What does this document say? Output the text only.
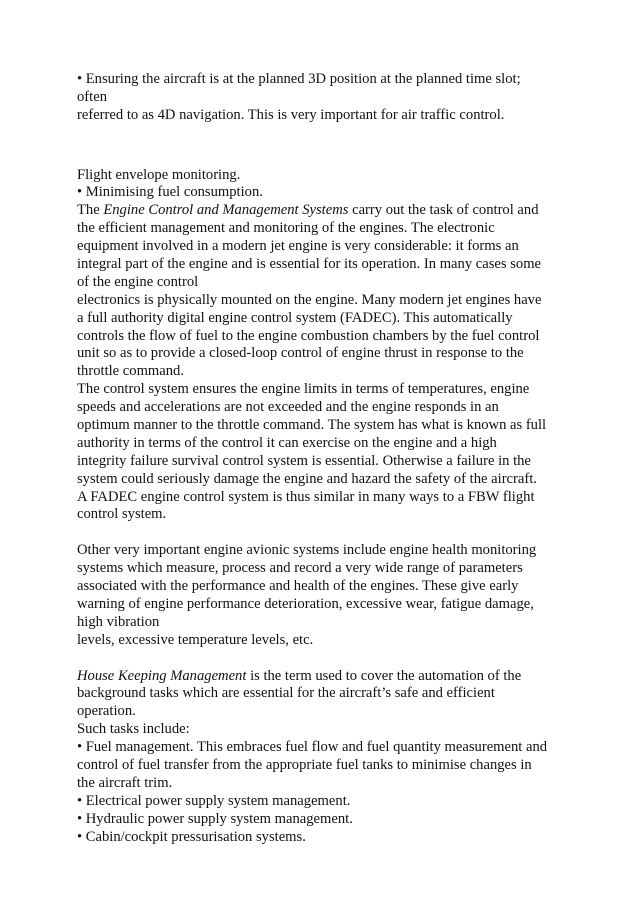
• Ensuring the aircraft is at the planned 3D position at the planned time slot;
often
referred to as 4D navigation. This is very important for air traffic control.
Flight envelope monitoring.
• Minimising fuel consumption.
The Engine Control and Management Systems carry out the task of control and
the efficient management and monitoring of the engines. The electronic
equipment involved in a modern jet engine is very considerable: it forms an
integral part of the engine and is essential for its operation. In many cases some
of the engine control
electronics is physically mounted on the engine. Many modern jet engines have
a full authority digital engine control system (FADEC). This automatically
controls the flow of fuel to the engine combustion chambers by the fuel control
unit so as to provide a closed-loop control of engine thrust in response to the
throttle command.
The control system ensures the engine limits in terms of temperatures, engine
speeds and accelerations are not exceeded and the engine responds in an
optimum manner to the throttle command. The system has what is known as full
authority in terms of the control it can exercise on the engine and a high
integrity failure survival control system is essential. Otherwise a failure in the
system could seriously damage the engine and hazard the safety of the aircraft.
A FADEC engine control system is thus similar in many ways to a FBW flight
control system.
Other very important engine avionic systems include engine health monitoring
systems which measure, process and record a very wide range of parameters
associated with the performance and health of the engines. These give early
warning of engine performance deterioration, excessive wear, fatigue damage,
high vibration
levels, excessive temperature levels, etc.
House Keeping Management is the term used to cover the automation of the
background tasks which are essential for the aircraft’s safe and efficient
operation.
Such tasks include:
• Fuel management. This embraces fuel flow and fuel quantity measurement and
control of fuel transfer from the appropriate fuel tanks to minimise changes in
the aircraft trim.
• Electrical power supply system management.
• Hydraulic power supply system management.
• Cabin/cockpit pressurisation systems.
